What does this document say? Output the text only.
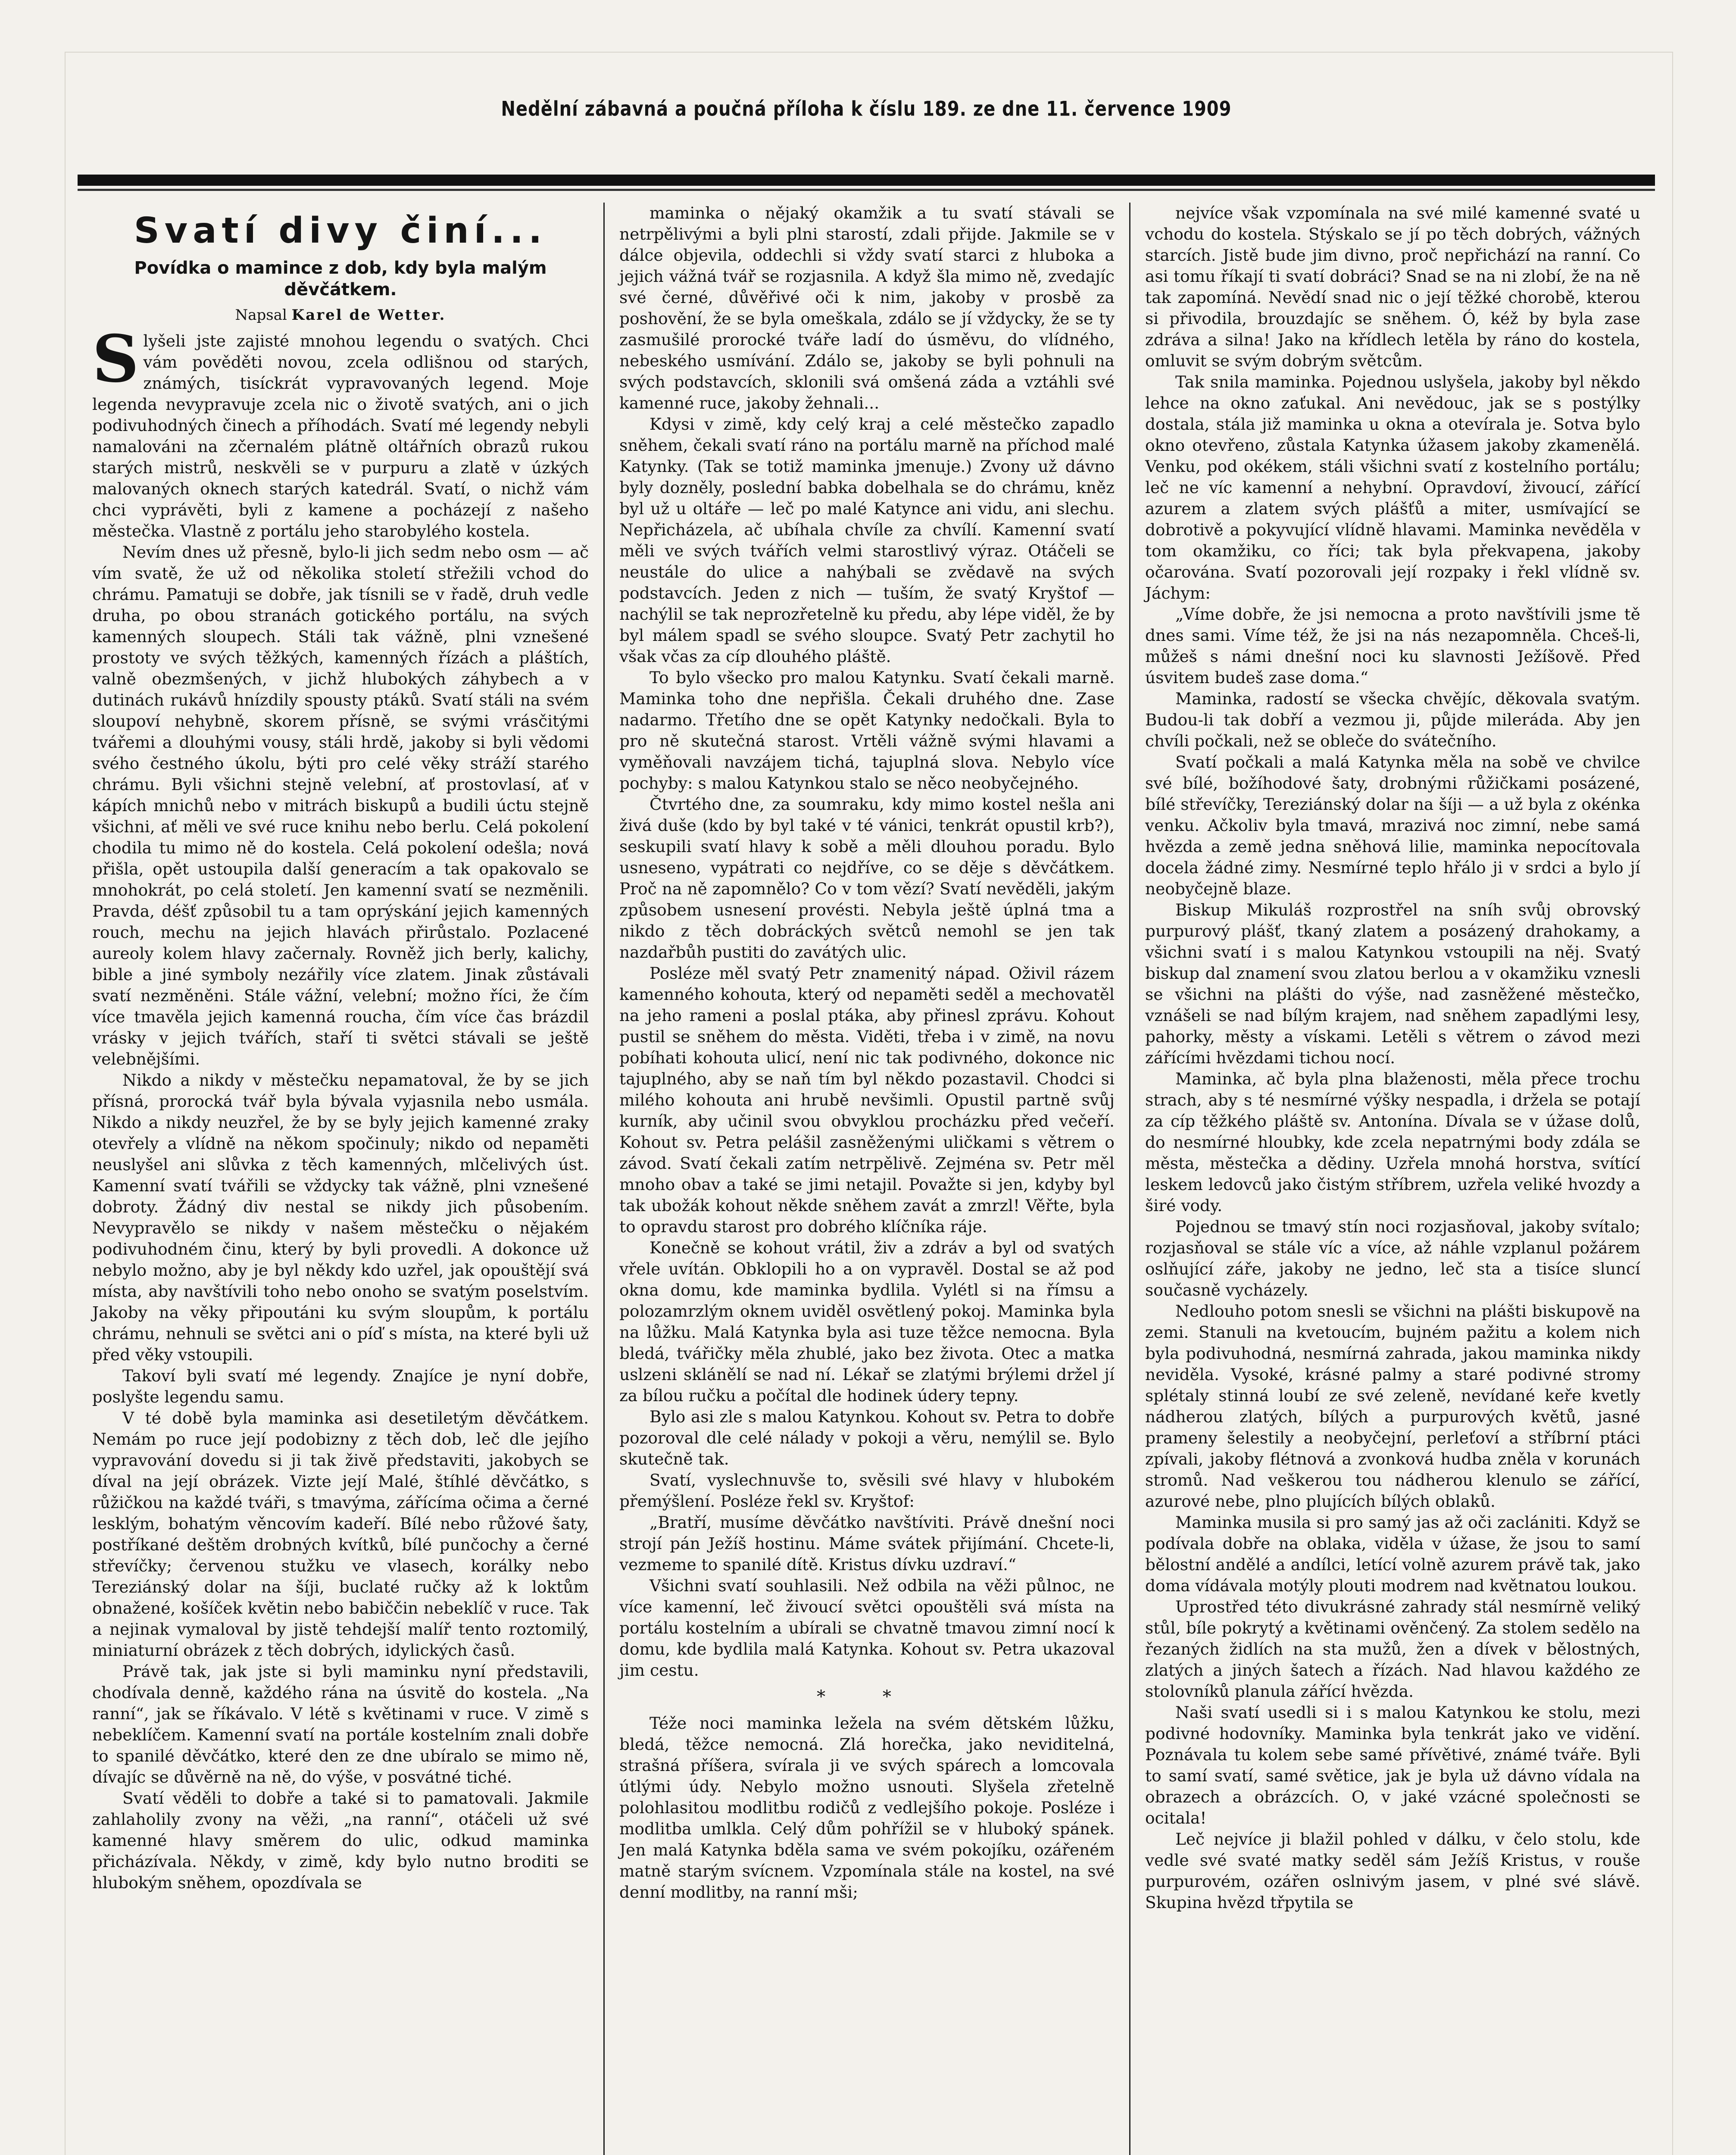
Nedělní zábavná a poučná příloha k číslu 189. ze dne 11. července 1909
Svatí divy činí...
Povídka o mamince z dob, kdy byla malým děvčátkem.
Napsal Karel de Wetter.

Slyšeli jste zajisté mnohou legendu o svatých. Chci vám pověděti novou, zcela odlišnou od starých, známých, tisíckrát vypravovaných legend. Moje legenda nevypravuje zcela nic o životě svatých, ani o jich podivuhodných činech a příhodách. Svatí mé legendy nebyli namalováni na zčernalém plátně oltářních obrazů rukou starých mistrů, neskvěli se v purpuru a zlatě v úzkých malovaných oknech starých katedrál. Svatí, o nichž vám chci vyprávěti, byli z kamene a pocházejí z našeho městečka. Vlastně z portálu jeho starobylého kostela.

Nevím dnes už přesně, bylo-li jich sedm nebo osm — ač vím svatě, že už od několika století střežili vchod do chrámu. Pamatuji se dobře, jak tísnili se v řadě, druh vedle druha, po obou stranách gotického portálu, na svých kamenných sloupech. Stáli tak vážně, plni vznešené prostoty ve svých těžkých, kamenných řízách a pláštích, valně obezmšených, v jichž hlubokých záhybech a v dutinách rukávů hnízdily spousty ptáků. Svatí stáli na svém sloupoví nehybně, skorem přísně, se svými vrásčitými tvářemi a dlouhými vousy, stáli hrdě, jakoby si byli vědomi svého čestného úkolu, býti pro celé věky stráží starého chrámu. Byli všichni stejně velební, ať prostovlasí, ať v kápích mnichů nebo v mitrách biskupů a budili úctu stejně všichni, ať měli ve své ruce knihu nebo berlu. Celá pokolení chodila tu mimo ně do kostela. Celá pokolení odešla; nová přišla, opět ustoupila další generacím a tak opakovalo se mnohokrát, po celá století. Jen kamenní svatí se nezměnili. Pravda, déšť způsobil tu a tam oprýskání jejich kamenných rouch, mechu na jejich hlavách přirůstalo. Pozlacené aureoly kolem hlavy začernaly. Rovněž jich berly, kalichy, bible a jiné symboly nezářily více zlatem. Jinak zůstávali svatí nezměněni. Stále vážní, velební; možno říci, že čím více tmavěla jejich kamenná roucha, čím více čas brázdil vrásky v jejich tvářích, staří ti světci stávali se ještě velebnějšími.

Nikdo a nikdy v městečku nepamatoval, že by se jich přísná, prorocká tvář byla bývala vyjasnila nebo usmála. Nikdo a nikdy neuzřel, že by se byly jejich kamenné zraky otevřely a vlídně na někom spočinuly; nikdo od nepaměti neuslyšel ani slůvka z těch kamenných, mlčelivých úst. Kamenní svatí tvářili se vždycky tak vážně, plni vznešené dobroty. Žádný div nestal se nikdy jich působením. Nevypravělo se nikdy v našem městečku o nějakém podivuhodném činu, který by byli provedli. A dokonce už nebylo možno, aby je byl někdy kdo uzřel, jak opouštějí svá místa, aby navštívili toho nebo onoho se svatým poselstvím. Jakoby na věky připoutáni ku svým sloupům, k portálu chrámu, nehnuli se světci ani o píď s místa, na které byli už před věky vstoupili.

Takoví byli svatí mé legendy. Znajíce je nyní dobře, poslyšte legendu samu.

V té době byla maminka asi desetiletým děvčátkem. Nemám po ruce její podobizny z těch dob, leč dle jejího vypravování dovedu si ji tak živě představiti, jakobych se díval na její obrázek. Vizte její Malé, štíhlé děvčátko, s růžičkou na každé tváři, s tmavýma, zářícíma očima a černé lesklým, bohatým věncovím kadeří. Bílé nebo růžové šaty, postříkané deštěm drobných kvítků, bílé punčochy a černé střevíčky; červenou stužku ve vlasech, korálky nebo Tereziánský dolar na šíji, buclaté ručky až k loktům obnažené, košíček květin nebo babiččin nebeklíč v ruce. Tak a nejinak vymaloval by jistě tehdejší malíř tento roztomilý, miniaturní obrázek z těch dobrých, idylických časů.

Právě tak, jak jste si byli maminku nyní představili, chodívala denně, každého rána na úsvitě do kostela. „Na ranní“, jak se říkávalo. V létě s květinami v ruce. V zimě s nebeklíčem. Kamenní svatí na portále kostelním znali dobře to spanilé děvčátko, které den ze dne ubíralo se mimo ně, dívajíc se důvěrně na ně, do výše, v posvátné tiché.

Svatí věděli to dobře a také si to pamatovali. Jakmile zahlaholily zvony na věži, „na ranní“, otáčeli už své kamenné hlavy směrem do ulic, odkud maminka přicházívala. Někdy, v zimě, kdy bylo nutno broditi se hlubokým sněhem, opozdívala se

maminka o nějaký okamžik a tu svatí stávali se netrpělivými a byli plni starostí, zdali přijde. Jakmile se v dálce objevila, oddechli si vždy svatí starci z hluboka a jejich vážná tvář se rozjasnila. A když šla mimo ně, zvedajíc své černé, důvěřivé oči k nim, jakoby v prosbě za poshovění, že se byla omeškala, zdálo se jí vždycky, že se ty zasmušilé prorocké tváře ladí do úsměvu, do vlídného, nebeského usmívání. Zdálo se, jakoby se byli pohnuli na svých podstavcích, sklonili svá omšená záda a vztáhli své kamenné ruce, jakoby žehnali...

Kdysi v zimě, kdy celý kraj a celé městečko zapadlo sněhem, čekali svatí ráno na portálu marně na příchod malé Katynky. (Tak se totiž maminka jmenuje.) Zvony už dávno byly dozněly, poslední babka dobelhala se do chrámu, kněz byl už u oltáře — leč po malé Katynce ani vidu, ani slechu. Nepřicházela, ač ubíhala chvíle za chvílí. Kamenní svatí měli ve svých tvářích velmi starostlivý výraz. Otáčeli se neustále do ulice a nahýbali se zvědavě na svých podstavcích. Jeden z nich — tuším, že svatý Kryštof — nachýlil se tak neprozřetelně ku předu, aby lépe viděl, že by byl málem spadl se svého sloupce. Svatý Petr zachytil ho však včas za cíp dlouhého pláště.

To bylo všecko pro malou Katynku. Svatí čekali marně. Maminka toho dne nepřišla. Čekali druhého dne. Zase nadarmo. Třetího dne se opět Katynky nedočkali. Byla to pro ně skutečná starost. Vrtěli vážně svými hlavami a vyměňovali navzájem tichá, tajuplná slova. Nebylo více pochyby: s malou Katynkou stalo se něco neobyčejného.

Čtvrtého dne, za soumraku, kdy mimo kostel nešla ani živá duše (kdo by byl také v té vánici, tenkrát opustil krb?), seskupili svatí hlavy k sobě a měli dlouhou poradu. Bylo usneseno, vypátrati co nejdříve, co se děje s děvčátkem. Proč na ně zapomnělo? Co v tom vězí? Svatí nevěděli, jakým způsobem usnesení provésti. Nebyla ještě úplná tma a nikdo z těch dobráckých světců nemohl se jen tak nazdařbůh pustiti do zavátých ulic.

Posléze měl svatý Petr znamenitý nápad. Oživil rázem kamenného kohouta, který od nepaměti seděl a mechovatěl na jeho rameni a poslal ptáka, aby přinesl zprávu. Kohout pustil se sněhem do města. Viděti, třeba i v zimě, na novu pobíhati kohouta ulicí, není nic tak podivného, dokonce nic tajuplného, aby se naň tím byl někdo pozastavil. Chodci si milého kohouta ani hrubě nevšimli. Opustil partně svůj kurník, aby učinil svou obvyklou procházku před večeří. Kohout sv. Petra pelášil zasněženými uličkami s větrem o závod. Svatí čekali zatím netrpělivě. Zejména sv. Petr měl mnoho obav a také se jimi netajil. Považte si jen, kdyby byl tak ubožák kohout někde sněhem zavát a zmrzl! Věřte, byla to opravdu starost pro dobrého klíčníka ráje.

Konečně se kohout vrátil, živ a zdráv a byl od svatých vřele uvítán. Obklopili ho a on vypravěl. Dostal se až pod okna domu, kde maminka bydlila. Vylétl si na římsu a polozamrzlým oknem uviděl osvětlený pokoj. Maminka byla na lůžku. Malá Katynka byla asi tuze těžce nemocna. Byla bledá, tvářičky měla zhublé, jako bez života. Otec a matka uslzeni sklánělí se nad ní. Lékař se zlatými brýlemi držel jí za bílou ručku a počítal dle hodinek údery tepny.

Bylo asi zle s malou Katynkou. Kohout sv. Petra to dobře pozoroval dle celé nálady v pokoji a věru, nemýlil se. Bylo skutečně tak.

Svatí, vyslechnuvše to, svěsili své hlavy v hlubokém přemýšlení. Posléze řekl sv. Kryštof:

„Bratří, musíme děvčátko navštíviti. Právě dnešní noci strojí pán Ježíš hostinu. Máme svátek přijímání. Chcete-li, vezmeme to spanilé dítě. Kristus dívku uzdraví.“

Všichni svatí souhlasili. Než odbila na věži půlnoc, ne více kamenní, leč živoucí světci opouštěli svá místa na portálu kostelním a ubírali se chvatně tmavou zimní nocí k domu, kde bydlila malá Katynka. Kohout sv. Petra ukazoval jim cestu.

* *

Téže noci maminka ležela na svém dětském lůžku, bledá, těžce nemocná. Zlá horečka, jako neviditelná, strašná příšera, svírala ji ve svých spárech a lomcovala útlými údy. Nebylo možno usnouti. Slyšela zřetelně polohlasitou modlitbu rodičů z vedlejšího pokoje. Posléze i modlitba umlkla. Celý dům pohřížil se v hluboký spánek. Jen malá Katynka bděla sama ve svém pokojíku, ozářeném matně starým svícnem. Vzpomínala stále na kostel, na své denní modlitby, na ranní mši;

nejvíce však vzpomínala na své milé kamenné svaté u vchodu do kostela. Stýskalo se jí po těch dobrých, vážných starcích. Jistě bude jim divno, proč nepřichází na ranní. Co asi tomu říkají ti svatí dobráci? Snad se na ni zlobí, že na ně tak zapomíná. Nevědí snad nic o její těžké chorobě, kterou si přivodila, brouzdajíc se sněhem. Ó, kéž by byla zase zdráva a silna! Jako na křídlech letěla by ráno do kostela, omluvit se svým dobrým světcům.

Tak snila maminka. Pojednou uslyšela, jakoby byl někdo lehce na okno zaťukal. Ani nevědouc, jak se s postýlky dostala, stála již maminka u okna a otevírala je. Sotva bylo okno otevřeno, zůstala Katynka úžasem jakoby zkamenělá. Venku, pod okékem, stáli všichni svatí z kostelního portálu; leč ne víc kamenní a nehybní. Opravdoví, živoucí, zářící azurem a zlatem svých plášťů a miter, usmívající se dobrotivě a pokyvující vlídně hlavami. Maminka nevěděla v tom okamžiku, co říci; tak byla překvapena, jakoby očarována. Svatí pozorovali její rozpaky i řekl vlídně sv. Jáchym:

„Víme dobře, že jsi nemocna a proto navštívili jsme tě dnes sami. Víme též, že jsi na nás nezapomněla. Chceš-li, můžeš s námi dnešní noci ku slavnosti Ježíšově. Před úsvitem budeš zase doma.“

Maminka, radostí se všecka chvějíc, děkovala svatým. Budou-li tak dobří a vezmou ji, půjde milerádа. Aby jen chvíli počkali, než se obleče do svátečního.

Svatí počkali a malá Katynka měla na sobě ve chvilce své bílé, božíhodové šaty, drobnými růžičkami posázené, bílé střevíčky, Tereziánský dolar na šíji — a už byla z okénka venku. Ačkoliv byla tmavá, mrazivá noc zimní, nebe samá hvězda a země jedna sněhová liliе, maminka nepocítovala docela žádné zimy. Nesmírné teplo hřálo ji v srdci a bylo jí neobyčejně blaze.

Biskup Mikuláš rozprostřel na sníh svůj obrovský purpurový plášť, tkaný zlatem a posázený drahokamy, a všichni svatí i s malou Katynkou vstoupili na něj. Svatý biskup dal znamení svou zlatou berlou a v okamžiku vznesli se všichni na plášti do výše, nad zasněžené městečko, vznášeli se nad bílým krajem, nad sněhem zapadlými lesy, pahorky, městy a vískami. Letěli s větrem o závod mezi zářícími hvězdami tichou nocí.

Maminka, ač byla plna blaženosti, měla přece trochu strach, aby s té nesmírné výšky nespadla, i držela se potají za cíp těžkého pláště sv. Antonína. Dívala se v úžase dolů, do nesmírné hloubky, kde zcela nepatrnými body zdála se města, městečka a dědiny. Uzřela mnohá horstva, svítící leskem ledovců jako čistým stříbrem, uzřela veliké hvozdy a širé vody.

Pojednou se tmavý stín noci rozjasňoval, jakoby svítalo; rozjasňoval se stále víc a více, až náhle vzplanul požárem oslňující záře, jakoby ne jedno, leč sta a tisíce sluncí současně vycházely.

Nedlouho potom snesli se všichni na plášti biskupově na zemi. Stanuli na kvetoucím, bujném pažitu a kolem nich byla podivuhodná, nesmírná zahrada, jakou maminka nikdy neviděla. Vysoké, krásné palmy a staré podivné stromy splétaly stinná loubí ze své zeleně, nevídané keře kvetly nádherou zlatých, bílých a purpurových květů, jasné prameny šelestily a neobyčejní, perleťoví a stříbrní ptáci zpívali, jakoby flétnová a zvonková hudba zněla v korunách stromů. Nad veškerou tou nádherou klenulo se zářící, azurové nebe, plno plujících bílých oblaků.

Maminka musila si pro samý jas až oči zaclániti. Když se podívala dobře na oblaka, viděla v úžase, že jsou to samí bělostní andělé a andílci, letící volně azurem právě tak, jako doma vídávala motýly plouti modrem nad květnatou loukou.

Uprostřed této divukrásné zahrady stál nesmírně veliký stůl, bíle pokrytý a květinami ověnčený. Za stolem sedělo na řezaných židlích na sta mužů, žen a dívek v bělostných, zlatých a jiných šatech a řízách. Nad hlavou každého ze stolovníků planula zářící hvězda.

Naši svatí usedli si i s malou Katynkou ke stolu, mezi podivné hodovníky. Maminka byla tenkrát jako ve vidění. Poznávala tu kolem sebe samé přívětivé, známé tváře. Byli to samí svatí, samé světice, jak je byla už dávno vídala na obrazech a obrázcích. O, v jaké vzácné společnosti se ocitala!

Leč nejvíce ji blažil pohled v dálku, v čelo stolu, kde vedle své svaté matky seděl sám Ježíš Kristus, v rouše purpurovém, ozářen oslnivým jasem, v plné své slávě. Skupina hvězd třpytila se
